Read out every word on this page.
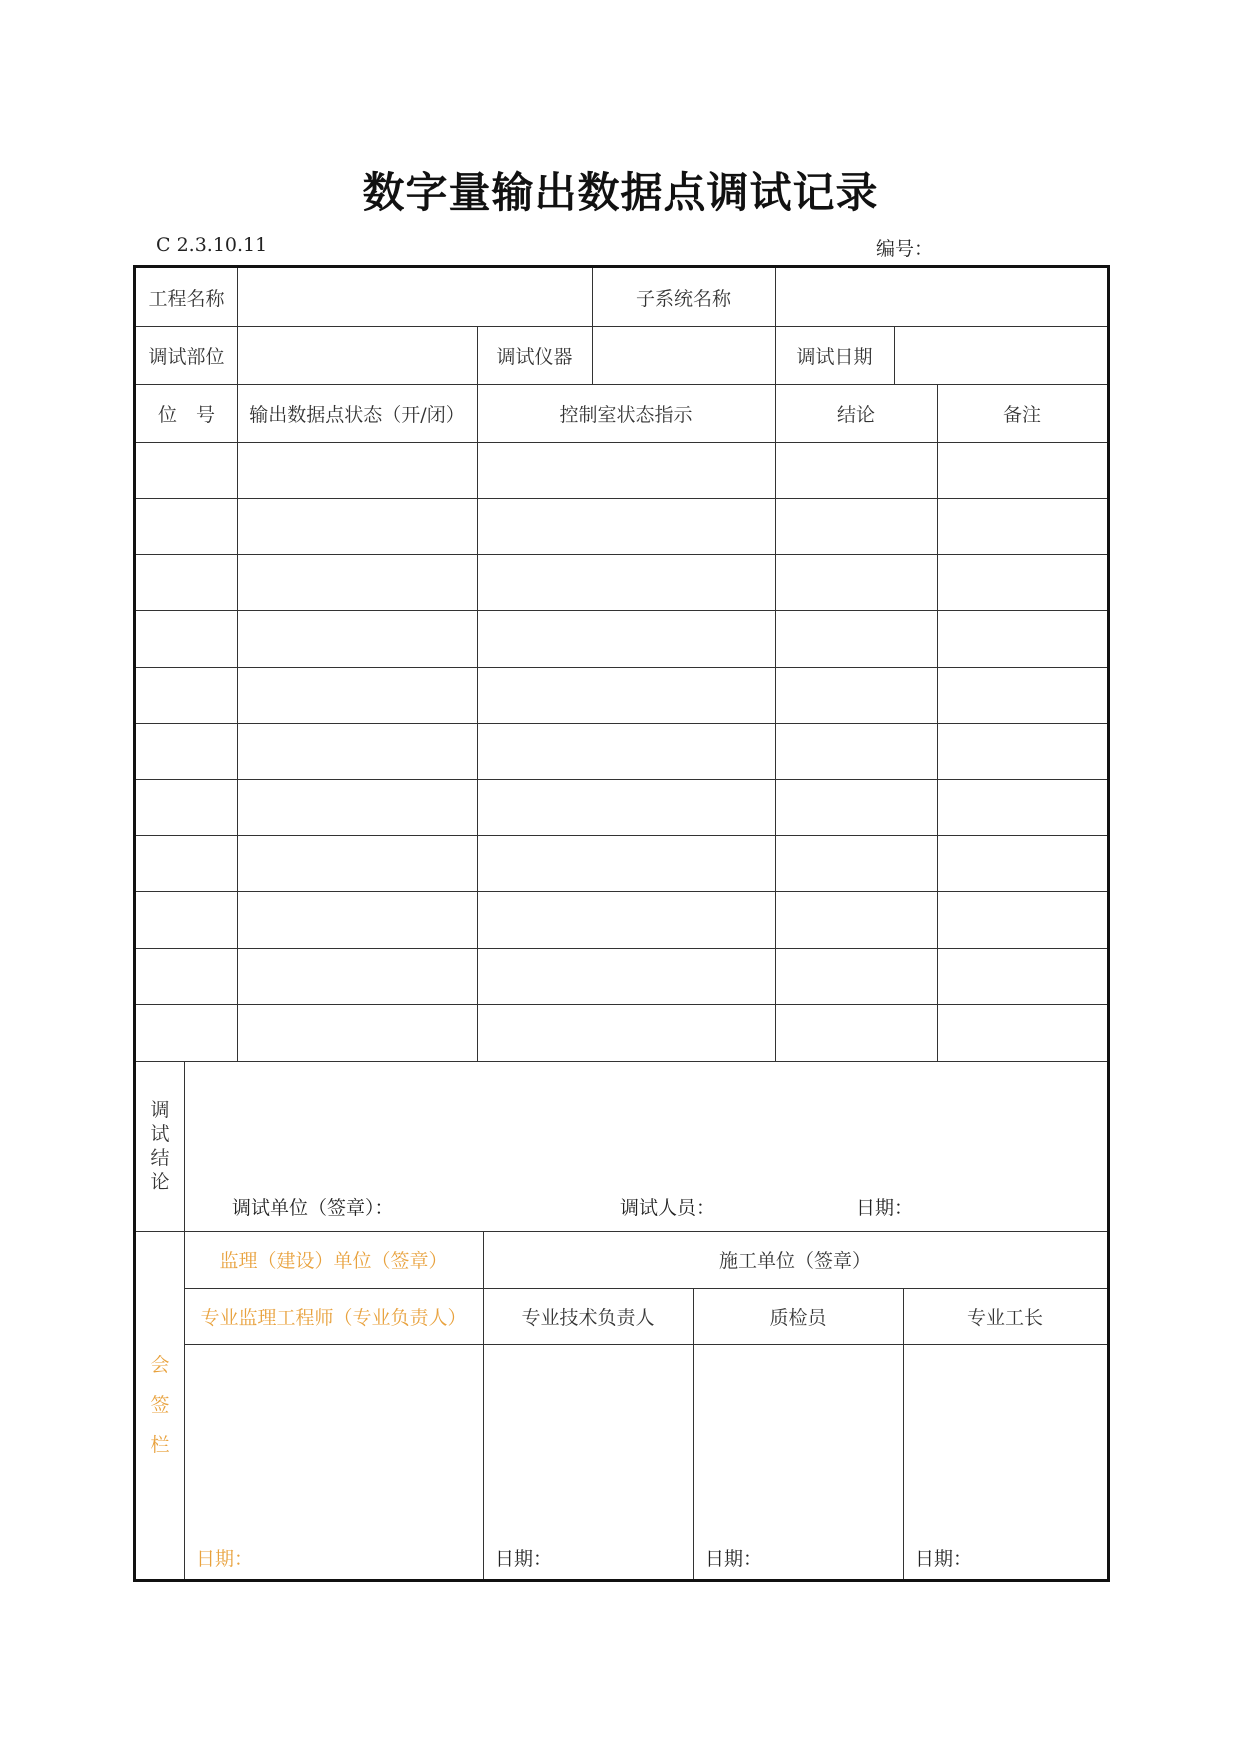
数字量输出数据点调试记录
C 2.3.10.11	编号：
工程名称	子系统名称
调试部位	调试仪器	调试日期
位　号	输出数据点状态（开/闭）	控制室状态指示	结论	备注
调
试
结
论
调试单位（签章）：	调试人员：	日期：
会
签
栏
监理（建设）单位（签章）	施工单位（签章）
专业监理工程师（专业负责人）	专业技术负责人	质检员	专业工长
日期：	日期：	日期：	日期：
